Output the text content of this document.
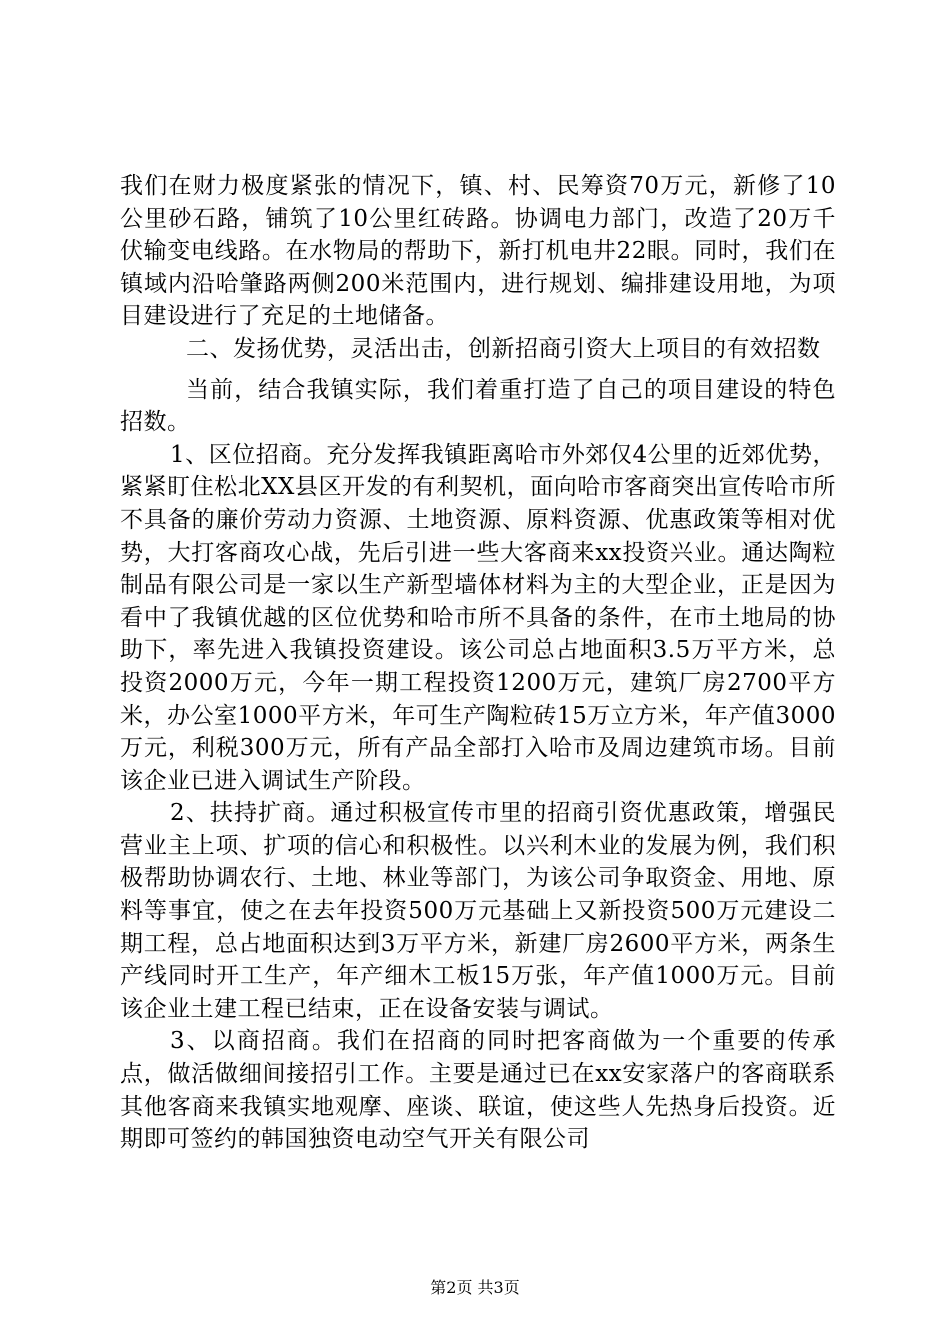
我们在财力极度紧张的情况下，镇、村、民筹资70万元，新修了10公里砂石路，铺筑了10公里红砖路。协调电力部门，改造了20万千伏输变电线路。在水物局的帮助下，新打机电井22眼。同时，我们在镇域内沿哈肇路两侧200米范围内，进行规划、编排建设用地，为项目建设进行了充足的土地储备。

二、发扬优势，灵活出击，创新招商引资大上项目的有效招数

当前，结合我镇实际，我们着重打造了自己的项目建设的特色招数。

1、区位招商。充分发挥我镇距离哈市外郊仅4公里的近郊优势，紧紧盯住松北XX县区开发的有利契机，面向哈市客商突出宣传哈市所不具备的廉价劳动力资源、土地资源、原料资源、优惠政策等相对优势，大打客商攻心战，先后引进一些大客商来xx投资兴业。通达陶粒制品有限公司是一家以生产新型墙体材料为主的大型企业，正是因为看中了我镇优越的区位优势和哈市所不具备的条件，在市土地局的协助下，率先进入我镇投资建设。该公司总占地面积3.5万平方米，总投资2000万元，今年一期工程投资1200万元，建筑厂房2700平方米，办公室1000平方米，年可生产陶粒砖15万立方米，年产值3000万元，利税300万元，所有产品全部打入哈市及周边建筑市场。目前该企业已进入调试生产阶段。

2、扶持扩商。通过积极宣传市里的招商引资优惠政策，增强民营业主上项、扩项的信心和积极性。以兴利木业的发展为例，我们积极帮助协调农行、土地、林业等部门，为该公司争取资金、用地、原料等事宜，使之在去年投资500万元基础上又新投资500万元建设二期工程，总占地面积达到3万平方米，新建厂房2600平方米，两条生产线同时开工生产，年产细木工板15万张，年产值1000万元。目前该企业土建工程已结束，正在设备安装与调试。

3、以商招商。我们在招商的同时把客商做为一个重要的传承点，做活做细间接招引工作。主要是通过已在xx安家落户的客商联系其他客商来我镇实地观摩、座谈、联谊，使这些人先热身后投资。近期即可签约的韩国独资电动空气开关有限公司

第2页 共3页
